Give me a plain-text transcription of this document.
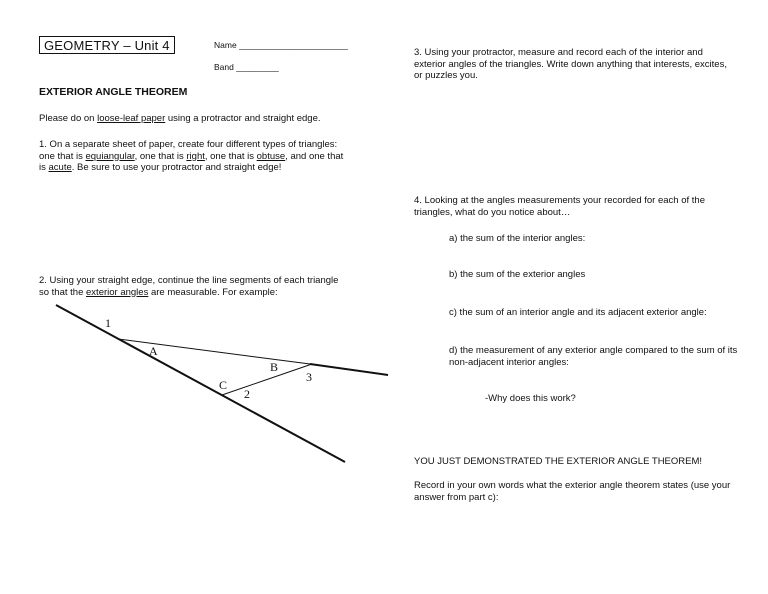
GEOMETRY – Unit 4	Name _______________________
Band _________
EXTERIOR ANGLE THEOREM
Please do on loose-leaf paper using a protractor and straight edge.
1. On a separate sheet of paper, create four different types of triangles:
one that is equiangular, one that is right, one that is obtuse, and one that
is acute. Be sure to use your protractor and straight edge!
2. Using your straight edge, continue the line segments of each triangle
so that the exterior angles are measurable. For example:
1
A
B
3
C
2
3. Using your protractor, measure and record each of the interior and exterior angles of the triangles. Write down anything that interests, excites, or puzzles you.
4. Looking at the angles measurements your recorded for each of the triangles, what do you notice about…
a) the sum of the interior angles:
b) the sum of the exterior angles
c) the sum of an interior angle and its adjacent exterior angle:
d) the measurement of any exterior angle compared to the sum of its non-adjacent interior angles:
-Why does this work?
YOU JUST DEMONSTRATED THE EXTERIOR ANGLE THEOREM!
Record in your own words what the exterior angle theorem states (use your answer from part c):
